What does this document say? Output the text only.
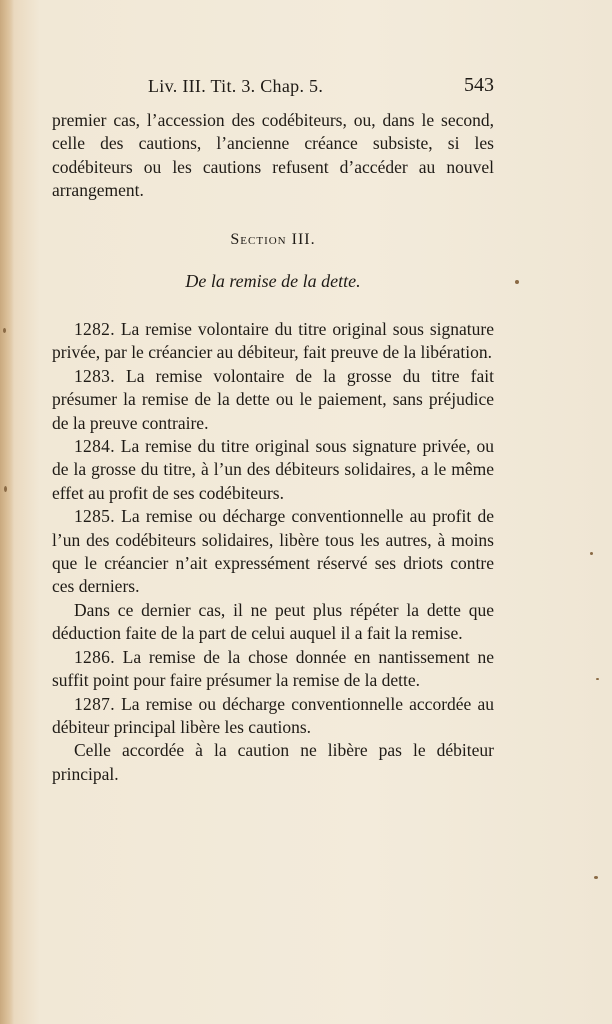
Liv. III. Tit. 3. Chap. 5.	543

premier cas, l’accession des codébiteurs, ou, dans le second, celle des cautions, l’ancienne créance subsiste, si les codébiteurs ou les cautions refusent d’accéder au nouvel arrangement.

Section III.
De la remise de la dette.

1282. La remise volontaire du titre original sous signature privée, par le créancier au débiteur, fait preuve de la libération.

1283. La remise volontaire de la grosse du titre fait présumer la remise de la dette ou le paiement, sans préjudice de la preuve contraire.

1284. La remise du titre original sous signature privée, ou de la grosse du titre, à l’un des débiteurs solidaires, a le même effet au profit de ses codébiteurs.

1285. La remise ou décharge conventionnelle au profit de l’un des codébiteurs solidaires, libère tous les autres, à moins que le créancier n’ait expressément réservé ses driots contre ces derniers.

Dans ce dernier cas, il ne peut plus répéter la dette que déduction faite de la part de celui auquel il a fait la remise.

1286. La remise de la chose donnée en nantissement ne suffit point pour faire présumer la remise de la dette.

1287. La remise ou décharge conventionnelle accordée au débiteur principal libère les cautions.

Celle accordée à la caution ne libère pas le débiteur principal.
